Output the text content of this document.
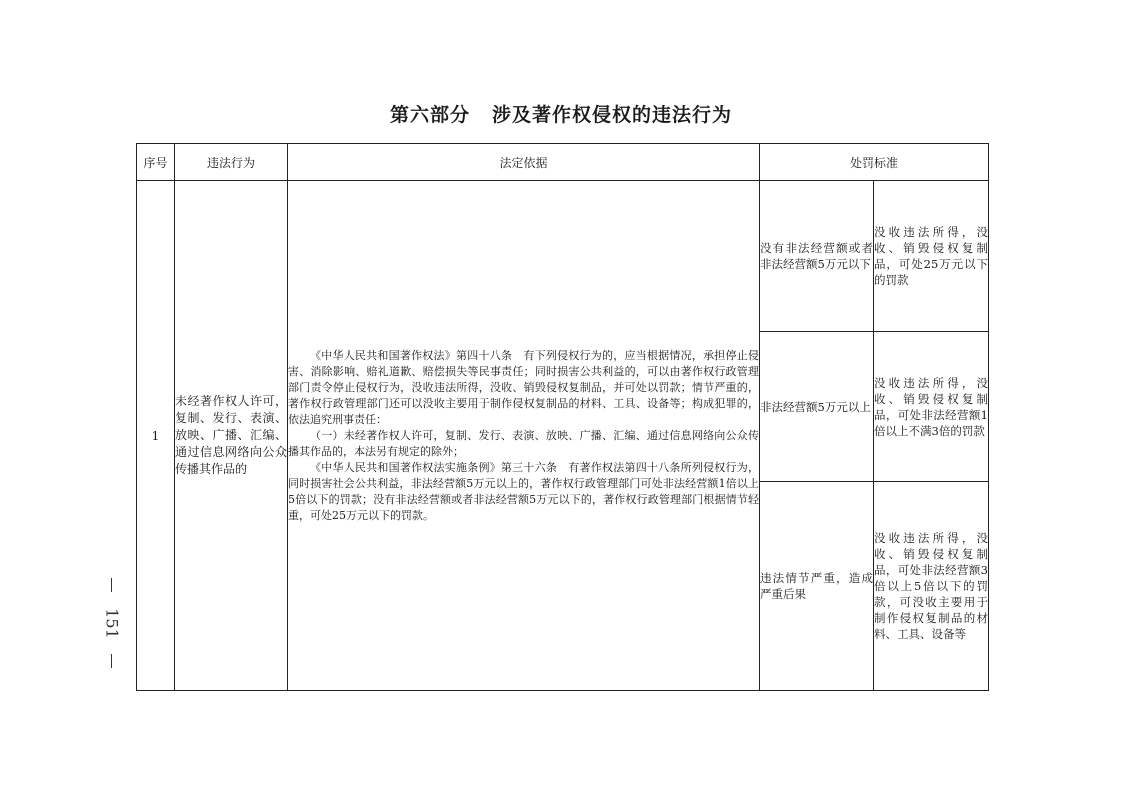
第六部分 涉及著作权侵权的违法行为
序号	违法行为	法定依据	处罚标准	
1	未经著作权人许可，复制、发行、表演、放映、广播、汇编、通过信息网络向公众传播其作品的	《中华人民共和国著作权法》第四十八条　有下列侵权行为的，应当根据情况，承担停止侵害、消除影响、赔礼道歉、赔偿损失等民事责任；同时损害公共利益的，可以由著作权行政管理部门责令停止侵权行为，没收违法所得，没收、销毁侵权复制品，并可处以罚款；情节严重的，著作权行政管理部门还可以没收主要用于制作侵权复制品的材料、工具、设备等；构成犯罪的，依法追究刑事责任：

（一）未经著作权人许可，复制、发行、表演、放映、广播、汇编、通过信息网络向公众传播其作品的，本法另有规定的除外；

《中华人民共和国著作权法实施条例》第三十六条　有著作权法第四十八条所列侵权行为，同时损害社会公共利益，非法经营额5万元以上的，著作权行政管理部门可处非法经营额1倍以上5倍以下的罚款；没有非法经营额或者非法经营额5万元以下的，著作权行政管理部门根据情节轻重，可处25万元以下的罚款。	没有非法经营额或者非法经营额5万元以下	没收违法所得，没收、销毁侵权复制品，可处25万元以下的罚款
			非法经营额5万元以上	没收违法所得，没收、销毁侵权复制品，可处非法经营额1倍以上不满3倍的罚款
			违法情节严重，造成严重后果	没收违法所得，没收、销毁侵权复制品，可处非法经营额3倍以上5倍以下的罚款，可没收主要用于制作侵权复制品的材料、工具、设备等
151
